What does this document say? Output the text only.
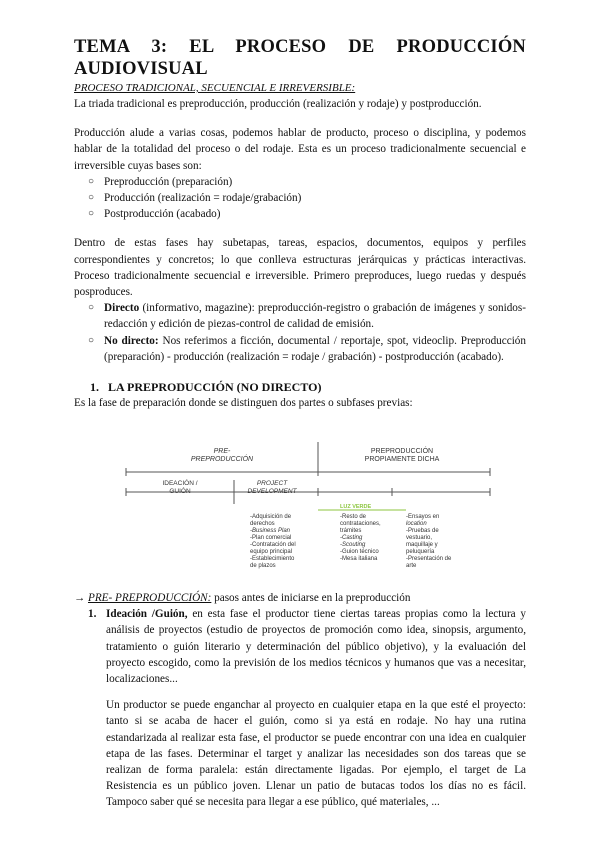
TEMA 3: EL PROCESO DE PRODUCCIÓN
AUDIOVISUAL
PROCESO TRADICIONAL, SECUENCIAL E IRREVERSIBLE:

La triada tradicional es preproducción, producción (realización y rodaje) y postproducción.

Producción alude a varias cosas, podemos hablar de producto, proceso o disciplina, y podemos hablar de la totalidad del proceso o del rodaje. Esta es un proceso tradicionalmente secuencial e irreversible cuyas bases son:

○ Preproducción (preparación)
○ Producción (realización = rodaje/grabación)
○ Postproducción (acabado)

Dentro de estas fases hay subetapas, tareas, espacios, documentos, equipos y perfiles correspondientes y concretos; lo que conlleva estructuras jerárquicas y prácticas interactivas. Proceso tradicionalmente secuencial e irreversible. Primero preproduces, luego ruedas y después posproduces.

○ Directo (informativo, magazine): preproducción-registro o grabación de imágenes y sonidos-redacción y edición de piezas-control de calidad de emisión.
○ No directo: Nos referimos a ficción, documental / reportaje, spot, videoclip. Preproducción (preparación) - producción (realización = rodaje / grabación) - postproducción (acabado).
1. LA PREPRODUCCIÓN (NO DIRECTO)

Es la fase de preparación donde se distinguen dos partes o subfases previas:

PRE-
PREPRODUCCIÓN
PREPRODUCCIÓN
PROPIAMENTE DICHA
IDEACIÓN /
GUIÓN
PROJECT
DEVELOPMENT
LUZ VERDE
-Adquisición de
derechos
-Business Plan
-Plan comercial
-Contratación del
equipo principal
-Establecimiento
de plazos
-Resto de
contrataciones,
trámites
-Casting
-Scouting
-Guion técnico
-Mesa italiana
-Ensayos en
location
-Pruebas de
vestuario,
maquillaje y
peluquería
-Presentación de
arte

→ PRE- PREPRODUCCIÓN: pasos antes de iniciarse en la preproducción

1. Ideación /Guión, en esta fase el productor tiene ciertas tareas propias como la lectura y análisis de proyectos (estudio de proyectos de promoción como idea, sinopsis, argumento, tratamiento o guión literario y determinación del público objetivo), y la evaluación del proyecto escogido, como la previsión de los medios técnicos y humanos que vas a necesitar, localizaciones...

Un productor se puede enganchar al proyecto en cualquier etapa en la que esté el proyecto: tanto si se acaba de hacer el guión, como si ya está en rodaje. No hay una rutina estandarizada al realizar esta fase, el productor se puede encontrar con una idea en cualquier etapa de las fases. Determinar el target y analizar las necesidades son dos tareas que se realizan de forma paralela: están directamente ligadas. Por ejemplo, el target de La Resistencia es un público joven. Llenar un patio de butacas todos los días no es fácil. Tampoco saber qué se necesita para llegar a ese público, qué materiales, ...
